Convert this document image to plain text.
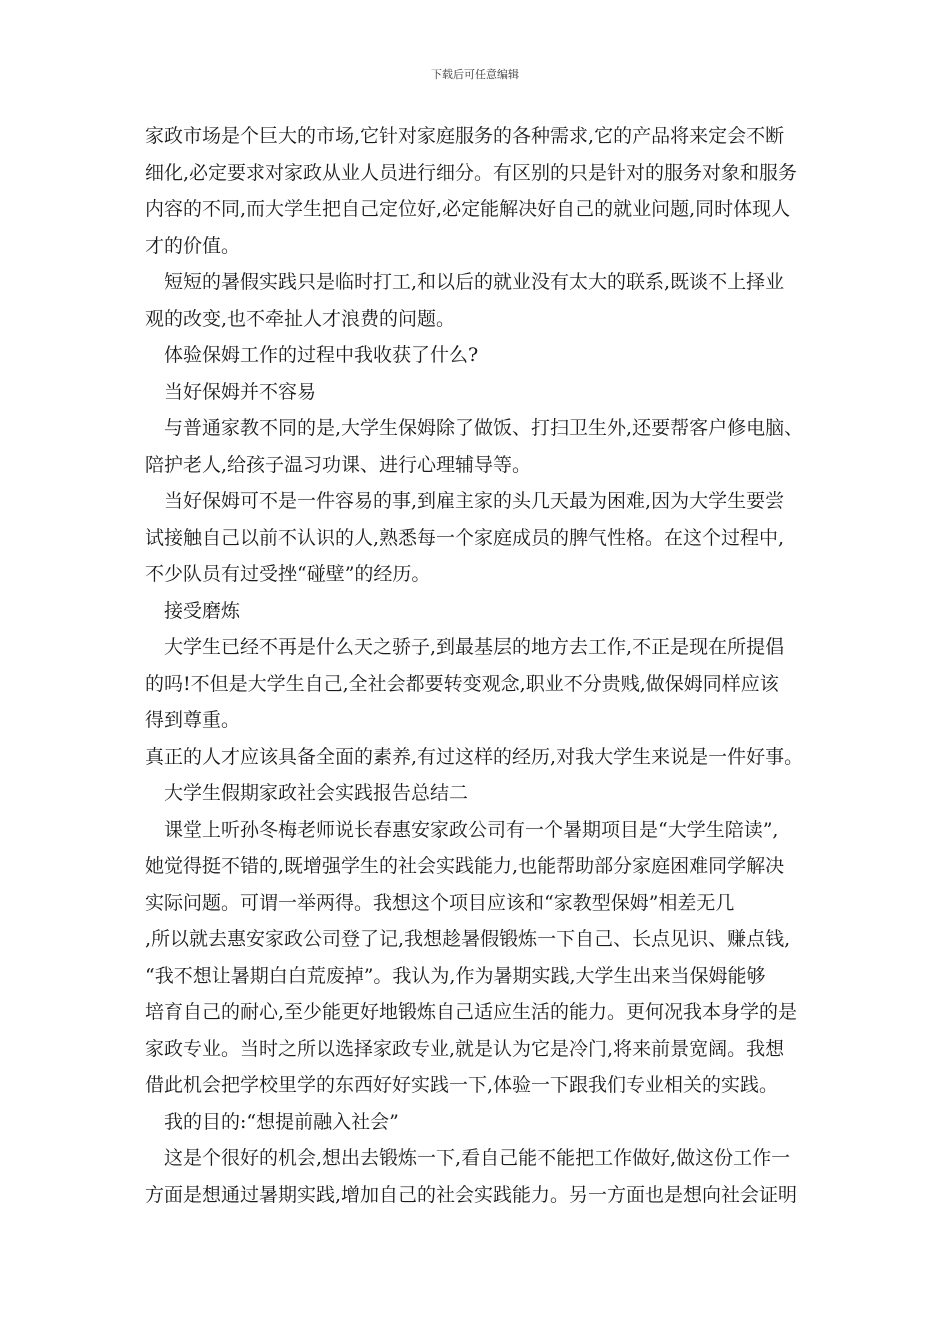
下载后可任意编辑
家政市场是个巨大的市场,它针对家庭服务的各种需求,它的产品将来定会不断
细化,必定要求对家政从业人员进行细分。有区别的只是针对的服务对象和服务
内容的不同,而大学生把自己定位好,必定能解决好自己的就业问题,同时体现人
才的价值。
短短的暑假实践只是临时打工,和以后的就业没有太大的联系,既谈不上择业
观的改变,也不牵扯人才浪费的问题。
体验保姆工作的过程中我收获了什么?
当好保姆并不容易
与普通家教不同的是,大学生保姆除了做饭、打扫卫生外,还要帮客户修电脑、
陪护老人,给孩子温习功课、进行心理辅导等。
当好保姆可不是一件容易的事,到雇主家的头几天最为困难,因为大学生要尝
试接触自己以前不认识的人,熟悉每一个家庭成员的脾气性格。在这个过程中,
不少队员有过受挫“碰壁”的经历。
接受磨炼
大学生已经不再是什么天之骄子,到最基层的地方去工作,不正是现在所提倡
的吗!不但是大学生自己,全社会都要转变观念,职业不分贵贱,做保姆同样应该
得到尊重。
真正的人才应该具备全面的素养,有过这样的经历,对我大学生来说是一件好事。
大学生假期家政社会实践报告总结二
课堂上听孙冬梅老师说长春惠安家政公司有一个暑期项目是“大学生陪读”,
她觉得挺不错的,既增强学生的社会实践能力,也能帮助部分家庭困难同学解决
实际问题。可谓一举两得。我想这个项目应该和“家教型保姆”相差无几
,所以就去惠安家政公司登了记,我想趁暑假锻炼一下自己、长点见识、赚点钱,
“我不想让暑期白白荒废掉”。我认为,作为暑期实践,大学生出来当保姆能够
培育自己的耐心,至少能更好地锻炼自己适应生活的能力。更何况我本身学的是
家政专业。当时之所以选择家政专业,就是认为它是冷门,将来前景宽阔。我想
借此机会把学校里学的东西好好实践一下,体验一下跟我们专业相关的实践。
我的目的:“想提前融入社会”
这是个很好的机会,想出去锻炼一下,看自己能不能把工作做好,做这份工作一
方面是想通过暑期实践,增加自己的社会实践能力。另一方面也是想向社会证明
